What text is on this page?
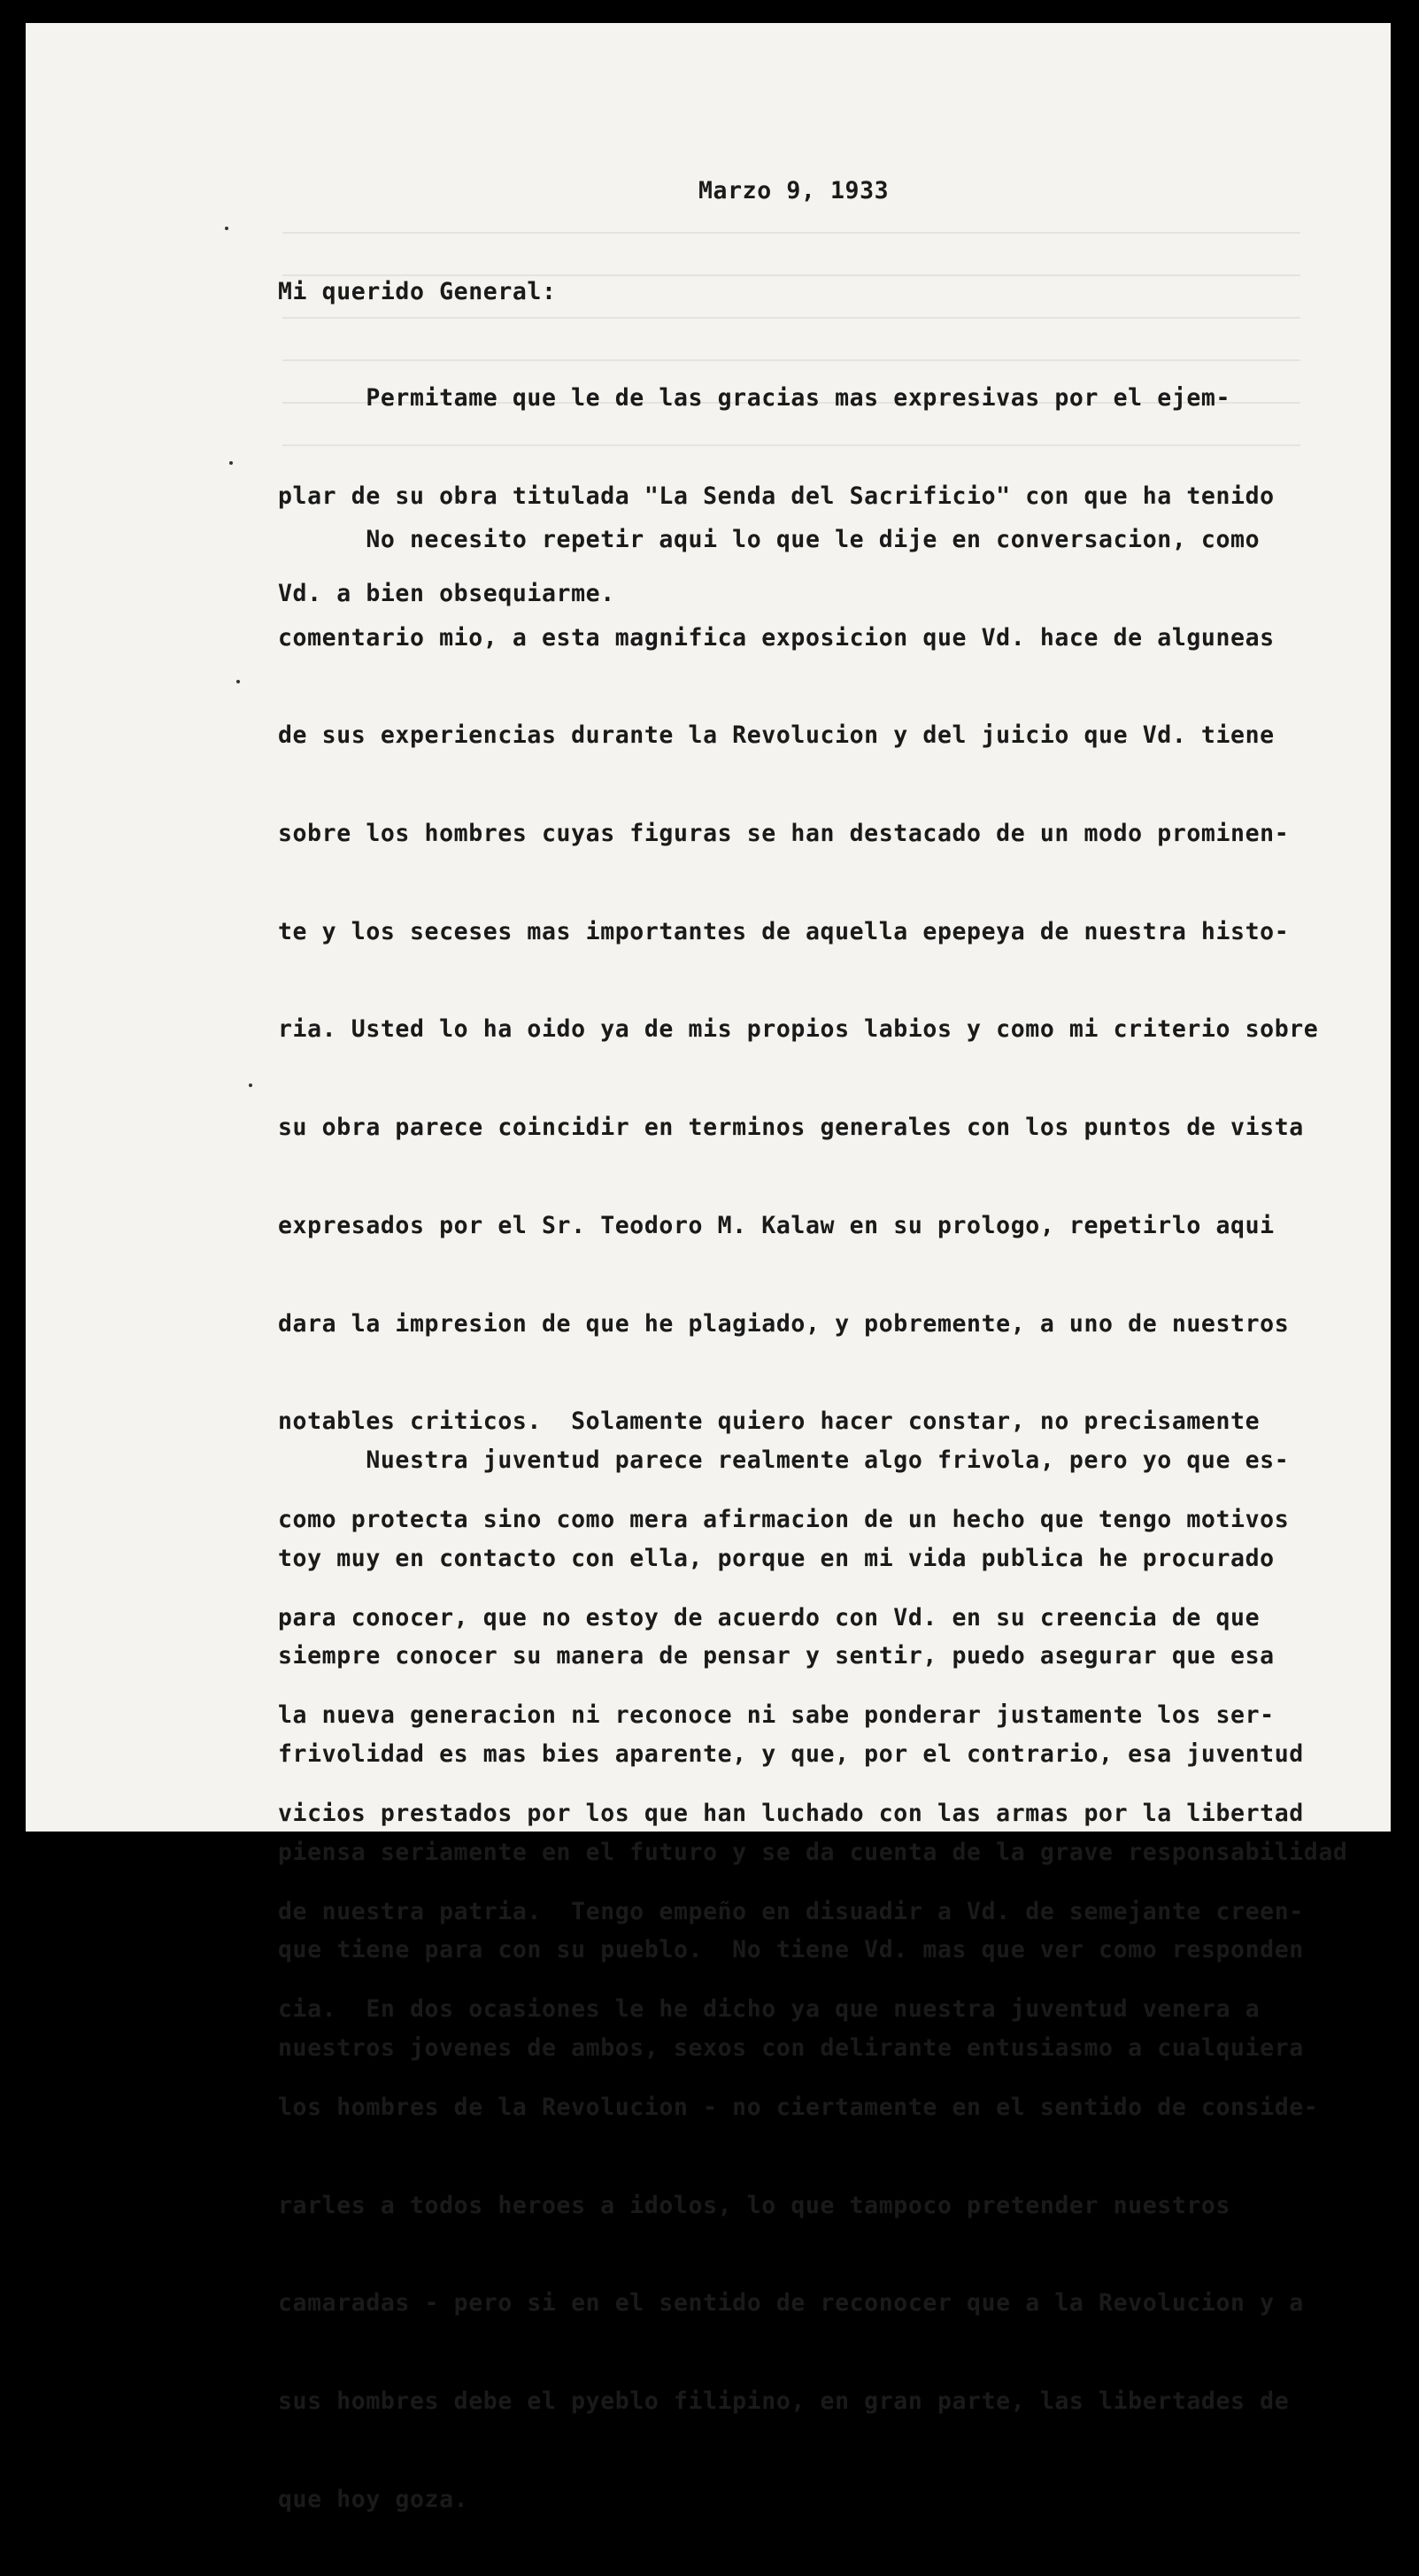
Marzo 9, 1933
Mi querido General:

Permitame que le de las gracias mas expresivas por el ejem-

plar de su obra titulada "La Senda del Sacrificio" con que ha tenido

Vd. a bien obsequiarme.

No necesito repetir aqui lo que le dije en conversacion, como

comentario mio, a esta magnifica exposicion que Vd. hace de alguneas

de sus experiencias durante la Revolucion y del juicio que Vd. tiene

sobre los hombres cuyas figuras se han destacado de un modo prominen-

te y los seceses mas importantes de aquella epepeya de nuestra histo-

ria. Usted lo ha oido ya de mis propios labios y como mi criterio sobre

su obra parece coincidir en terminos generales con los puntos de vista

expresados por el Sr. Teodoro M. Kalaw en su prologo, repetirlo aqui

dara la impresion de que he plagiado, y pobremente, a uno de nuestros

notables criticos.  Solamente quiero hacer constar, no precisamente

como protecta sino como mera afirmacion de un hecho que tengo motivos

para conocer, que no estoy de acuerdo con Vd. en su creencia de que

la nueva generacion ni reconoce ni sabe ponderar justamente los ser-

vicios prestados por los que han luchado con las armas por la libertad

de nuestra patria.  Tengo empeño en disuadir a Vd. de semejante creen-

cia.  En dos ocasiones le he dicho ya que nuestra juventud venera a

los hombres de la Revolucion - no ciertamente en el sentido de conside-

rarles a todos heroes a idolos, lo que tampoco pretender nuestros

camaradas - pero si en el sentido de reconocer que a la Revolucion y a

sus hombres debe el pyeblo filipino, en gran parte, las libertades de

que hoy goza.

Nuestra juventud parece realmente algo frivola, pero yo que es-

toy muy en contacto con ella, porque en mi vida publica he procurado

siempre conocer su manera de pensar y sentir, puedo asegurar que esa

frivolidad es mas bies aparente, y que, por el contrario, esa juventud

piensa seriamente en el futuro y se da cuenta de la grave responsabilidad

que tiene para con su pueblo.  No tiene Vd. mas que ver como responden

nuestros jovenes de ambos, sexos con delirante entusiasmo a cualquiera
